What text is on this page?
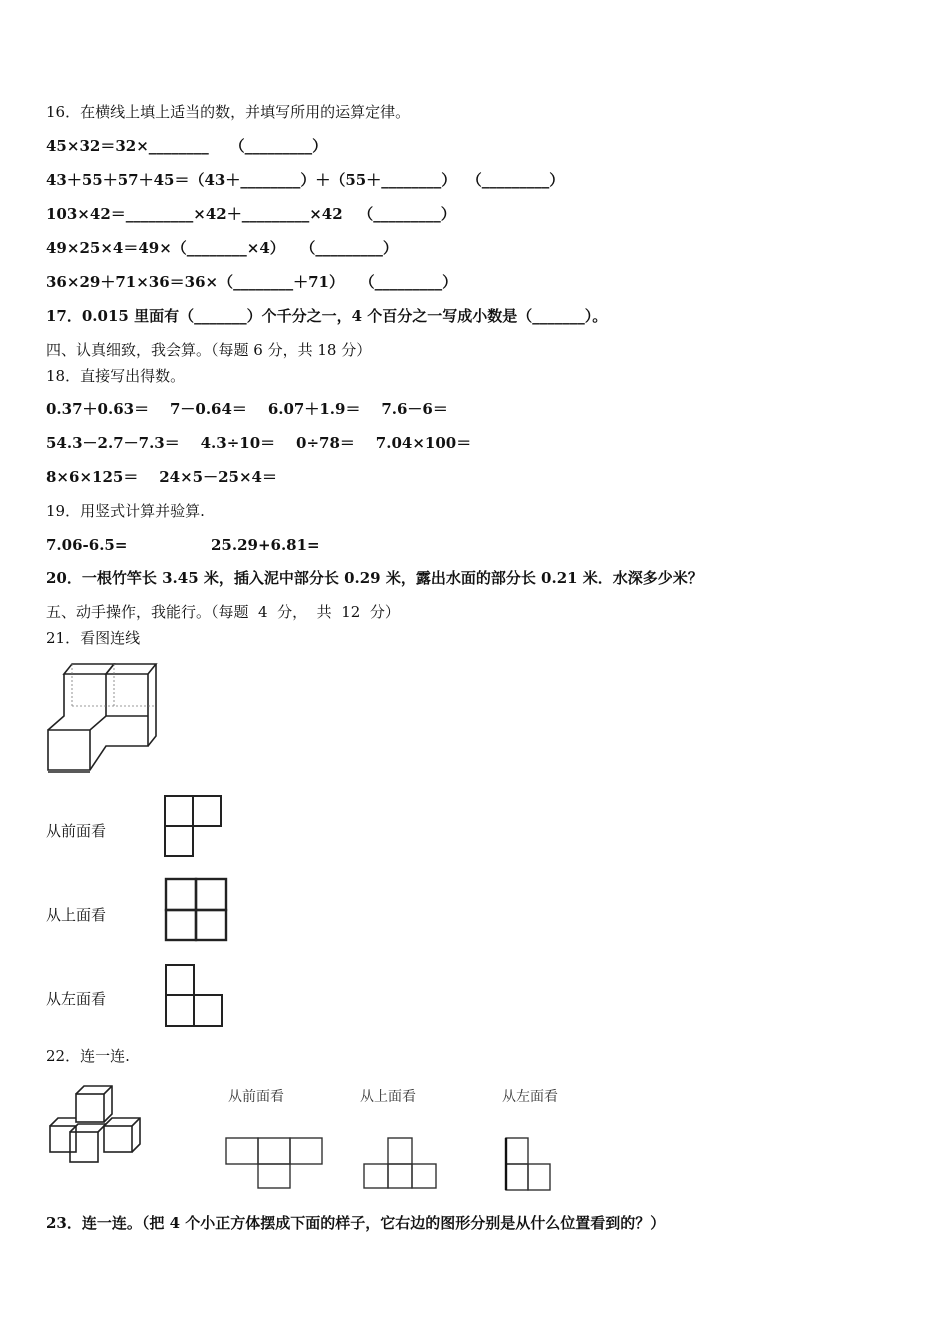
16．在横线上填上适当的数，并填写所用的运算定律。
45×32＝32×________    （_________）
43＋55＋57＋45＝（43＋________）＋（55＋________）  （_________）
103×42＝_________×42＋_________×42   （_________）
49×25×4＝49×（________×4）   （_________）
36×29＋71×36＝36×（________＋71）   （_________）
17．0.015 里面有（_______）个千分之一，4 个百分之一写成小数是（_______）。
四、认真细致，我会算。（每题 6 分，共 18 分）
18．直接写出得数。
0.37＋0.63＝    7－0.64＝    6.07＋1.9＝    7.6－6＝
54.3－2.7－7.3＝    4.3÷10＝    0÷78＝    7.04×100＝
8×6×125＝    24×5－25×4＝
19．用竖式计算并验算.
7.06-6.5=                25.29+6.81=
20．一根竹竿长 3.45 米，插入泥中部分长 0.29 米，露出水面的部分长 0.21 米．水深多少米？
五、动手操作，我能行。（每题  4  分，  共  12  分）
21．看图连线
从前面看
从上面看
从左面看
22．连一连.
从前面看	从上面看	从左面看
23．连一连。（把 4 个小正方体摆成下面的样子，它右边的图形分别是从什么位置看到的？）
